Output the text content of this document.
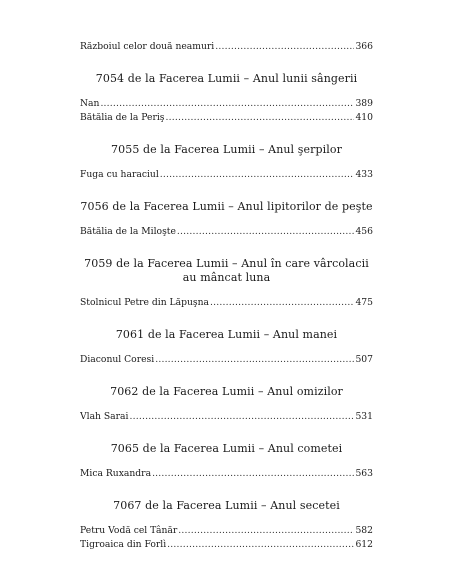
Războiul celor două neamuri .....	366
7054 de la Facerea Lumii – Anul lunii sângerii
Nan .....	389
Bătălia de la Periş .....	410
7055 de la Facerea Lumii – Anul şerpilor
Fuga cu haraciul .....	433
7056 de la Facerea Lumii – Anul lipitorilor de peşte
Bătălia de la Miloşte .....	456
7059 de la Facerea Lumii – Anul în care vârcolacii
au mâncat luna
Stolnicul Petre din Lăpuşna .....	475
7061 de la Facerea Lumii – Anul manei
Diaconul Coresi .....	507
7062 de la Facerea Lumii – Anul omizilor
Vlah Sarai .....	531
7065 de la Facerea Lumii – Anul cometei
Mica Ruxandra .....	563
7067 de la Facerea Lumii – Anul secetei
Petru Vodă cel Tânăr .....	582
Tigroaica din Forlì .....	612
